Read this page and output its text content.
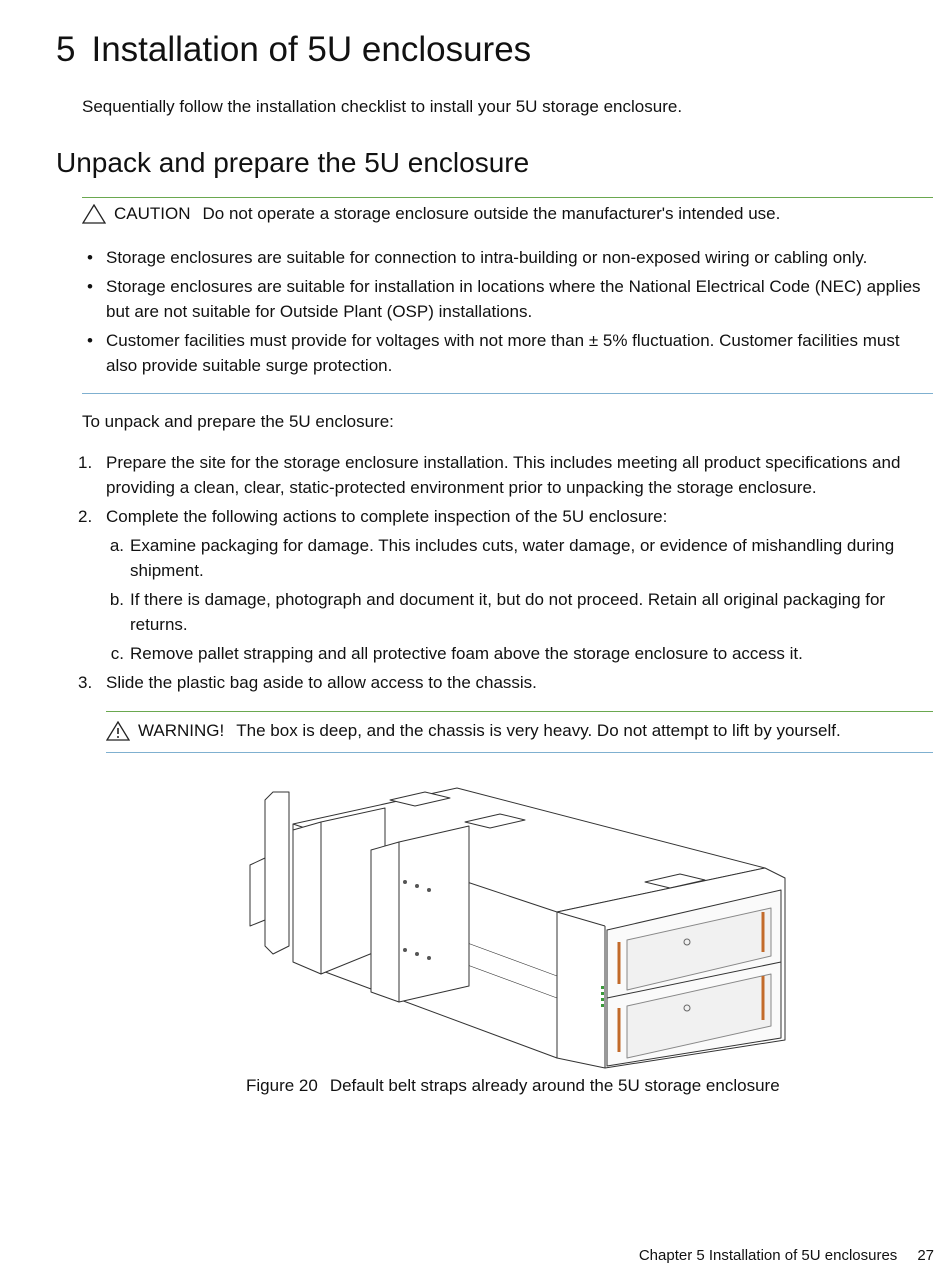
5 Installation of 5U enclosures
Sequentially follow the installation checklist to install your 5U storage enclosure.
Unpack and prepare the 5U enclosure
CAUTION Do not operate a storage enclosure outside the manufacturer's intended use.
• Storage enclosures are suitable for connection to intra-building or non-exposed wiring or cabling only.
• Storage enclosures are suitable for installation in locations where the National Electrical Code (NEC) applies but are not suitable for Outside Plant (OSP) installations.
• Customer facilities must provide for voltages with not more than ± 5% fluctuation. Customer facilities must also provide suitable surge protection.
To unpack and prepare the 5U enclosure:
1. Prepare the site for the storage enclosure installation. This includes meeting all product specifications and providing a clean, clear, static-protected environment prior to unpacking the storage enclosure.
2. Complete the following actions to complete inspection of the 5U enclosure:
a. Examine packaging for damage. This includes cuts, water damage, or evidence of mishandling during shipment.
b. If there is damage, photograph and document it, but do not proceed. Retain all original packaging for returns.
c. Remove pallet strapping and all protective foam above the storage enclosure to access it.
3. Slide the plastic bag aside to allow access to the chassis.
WARNING! The box is deep, and the chassis is very heavy. Do not attempt to lift by yourself.
Figure 20 Default belt straps already around the 5U storage enclosure
Chapter 5 Installation of 5U enclosures 27
